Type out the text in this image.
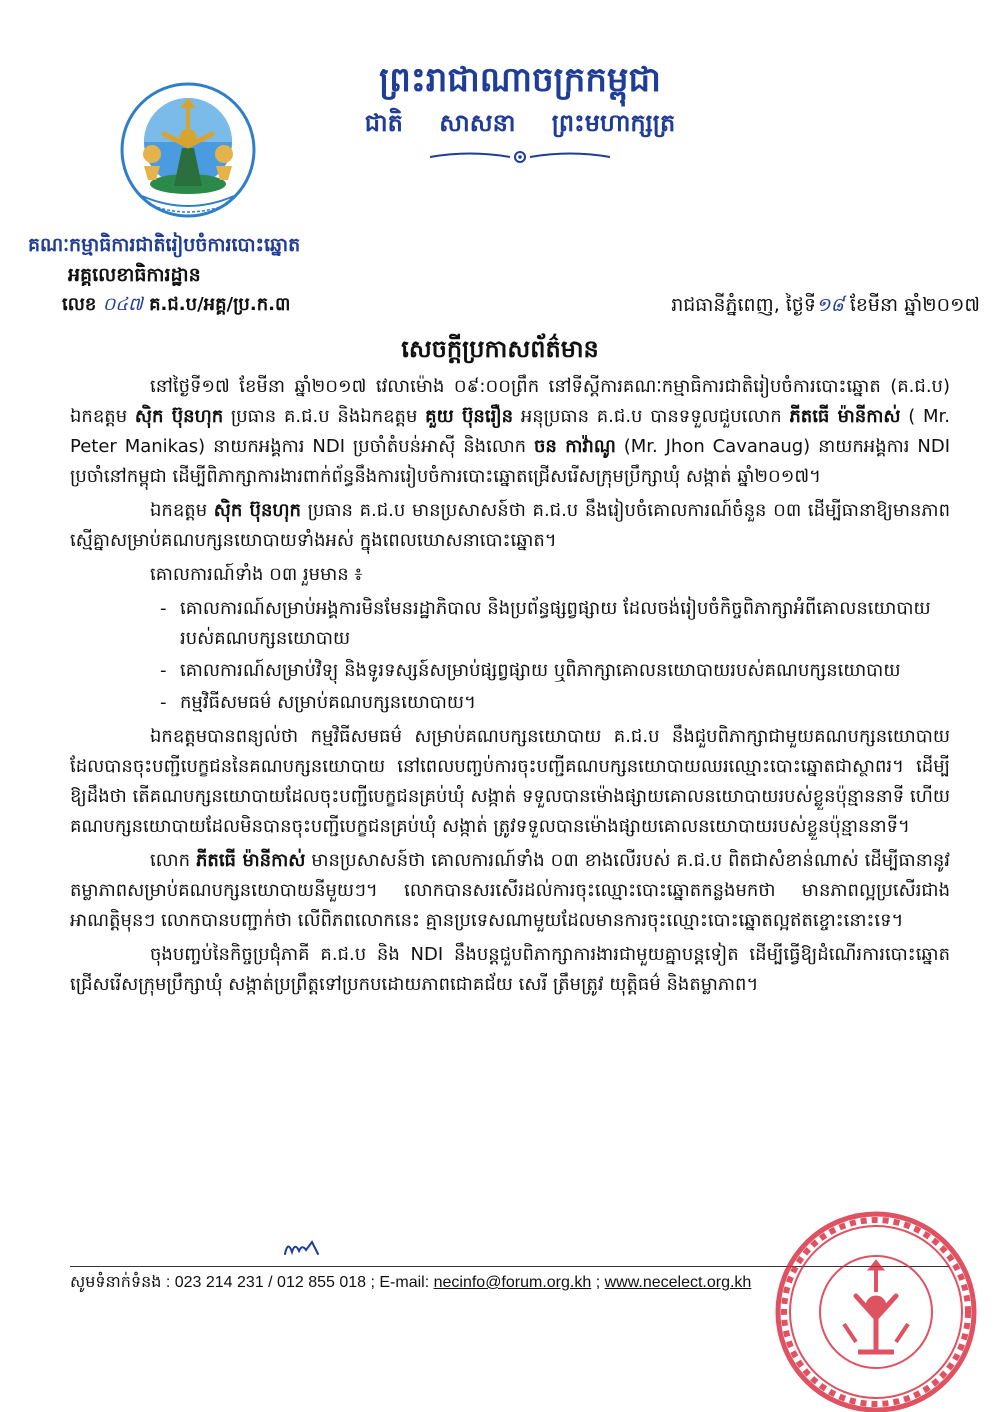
ព្រះរាជាណាចក្រកម្ពុជា
ជាតិ សាសនា ព្រះមហាក្សត្រ
គណៈកម្មាធិការជាតិរៀបចំការបោះឆ្នោត
អគ្គលេខាធិការដ្ឋាន
លេខ ០៤៧ គ.ជ.ប/អគ្គ/ប្រ.ក.៣	រាជធានីភ្នំពេញ, ថ្ងៃទី១៨ ខែមីនា ឆ្នាំ២០១៧
សេចក្តីប្រកាសព័ត៌មាន

នៅថ្ងៃទី១៧ ខែមីនា ឆ្នាំ២០១៧ វេលាម៉ោង ០៩:០០ព្រឹក នៅទីស្តីការគណៈកម្មាធិការជាតិរៀបចំការបោះឆ្នោត (គ.ជ.ប) ឯកឧត្តម ស៊ិក ប៊ុនហុក ប្រធាន គ.ជ.ប និងឯកឧត្តម គួយ ប៊ុនរឿន អនុប្រធាន គ.ជ.ប បានទទួលជួបលោក ភីតធើ ម៉ានីកាស់ ( Mr. Peter Manikas) នាយកអង្គការ NDI ប្រចាំតំបន់អាស៊ី និងលោក ចន កាវ៉ាណូ (Mr. Jhon Cavanaug) នាយកអង្គការ NDI ប្រចាំនៅកម្ពុជា ដើម្បីពិភាក្សាការងារពាក់ព័ន្ធនឹងការរៀបចំការបោះឆ្នោតជ្រើសរើសក្រុមប្រឹក្សាឃុំ សង្កាត់ ឆ្នាំ២០១៧។

ឯកឧត្តម ស៊ិក ប៊ុនហុក ប្រធាន គ.ជ.ប មានប្រសាសន៍ថា គ.ជ.ប នឹងរៀបចំគោលការណ៍ចំនួន ០៣ ដើម្បីធានាឱ្យមានភាពស្មើគ្នាសម្រាប់គណបក្សនយោបាយទាំងអស់ ក្នុងពេលឃោសនាបោះឆ្នោត។

គោលការណ៍ទាំង ០៣ រួមមាន ៖

- គោលការណ៍សម្រាប់អង្គការមិនមែនរដ្ឋាភិបាល និងប្រព័ន្ធផ្សព្វផ្សាយ ដែលចង់រៀបចំកិច្ចពិភាក្សាអំពីគោលនយោបាយរបស់គណបក្សនយោបាយ
- គោលការណ៍សម្រាប់វិទ្យុ និងទូរទស្សន៍សម្រាប់ផ្សព្វផ្សាយ ឬពិភាក្សាគោលនយោបាយរបស់គណបក្សនយោបាយ
- កម្មវិធីសមធម៌ សម្រាប់គណបក្សនយោបាយ។

ឯកឧត្តមបានពន្យល់ថា កម្មវិធីសមធម៌ សម្រាប់គណបក្សនយោបាយ គ.ជ.ប នឹងជួបពិភាក្សាជាមួយគណបក្សនយោបាយ ដែលបានចុះបញ្ជីបេក្ខជននៃគណបក្សនយោបាយ នៅពេលបញ្ចប់ការចុះបញ្ជីគណបក្សនយោបាយឈរឈ្មោះបោះឆ្នោតជាស្ថាពរ។ ដើម្បីឱ្យដឹងថា តើគណបក្សនយោបាយដែលចុះបញ្ជីបេក្ខជនគ្រប់ឃុំ សង្កាត់ ទទួលបានម៉ោងផ្សាយគោលនយោបាយរបស់ខ្លួនប៉ុន្មាននាទី ហើយគណបក្សនយោបាយដែលមិនបានចុះបញ្ជីបេក្ខជនគ្រប់ឃុំ សង្កាត់ ត្រូវទទួលបានម៉ោងផ្សាយគោលនយោបាយរបស់ខ្លួនប៉ុន្មាននាទី។

លោក ភីតធើ ម៉ានីកាស់ មានប្រសាសន៍ថា គោលការណ៍ទាំង ០៣ ខាងលើរបស់ គ.ជ.ប ពិតជាសំខាន់ណាស់ ដើម្បីធានានូវតម្លាភាពសម្រាប់គណបក្សនយោបាយនីមួយៗ។ លោកបានសរសើរដល់ការចុះឈ្មោះបោះឆ្នោតកន្លងមកថា មានភាពល្អប្រសើរជាងអាណត្តិមុនៗ លោកបានបញ្ជាក់ថា លើពិភពលោកនេះ គ្មានប្រទេសណាមួយដែលមានការចុះឈ្មោះបោះឆ្នោតល្អឥតខ្ចោះនោះទេ។

ចុងបញ្ចប់នៃកិច្ចប្រជុំភាគី គ.ជ.ប និង NDI នឹងបន្តជួបពិភាក្សាការងារជាមួយគ្នាបន្តទៀត ដើម្បីធ្វើឱ្យដំណើរការបោះឆ្នោតជ្រើសរើសក្រុមប្រឹក្សាឃុំ សង្កាត់ប្រព្រឹត្តទៅប្រកបដោយភាពជោគជ័យ សេរី ត្រឹមត្រូវ យុត្តិធម៌ និងតម្លាភាព។

សូមទំនាក់ទំនង : 023 214 231 / 012 855 018 ; E-mail: necinfo@forum.org.kh ; www.necelect.org.kh
